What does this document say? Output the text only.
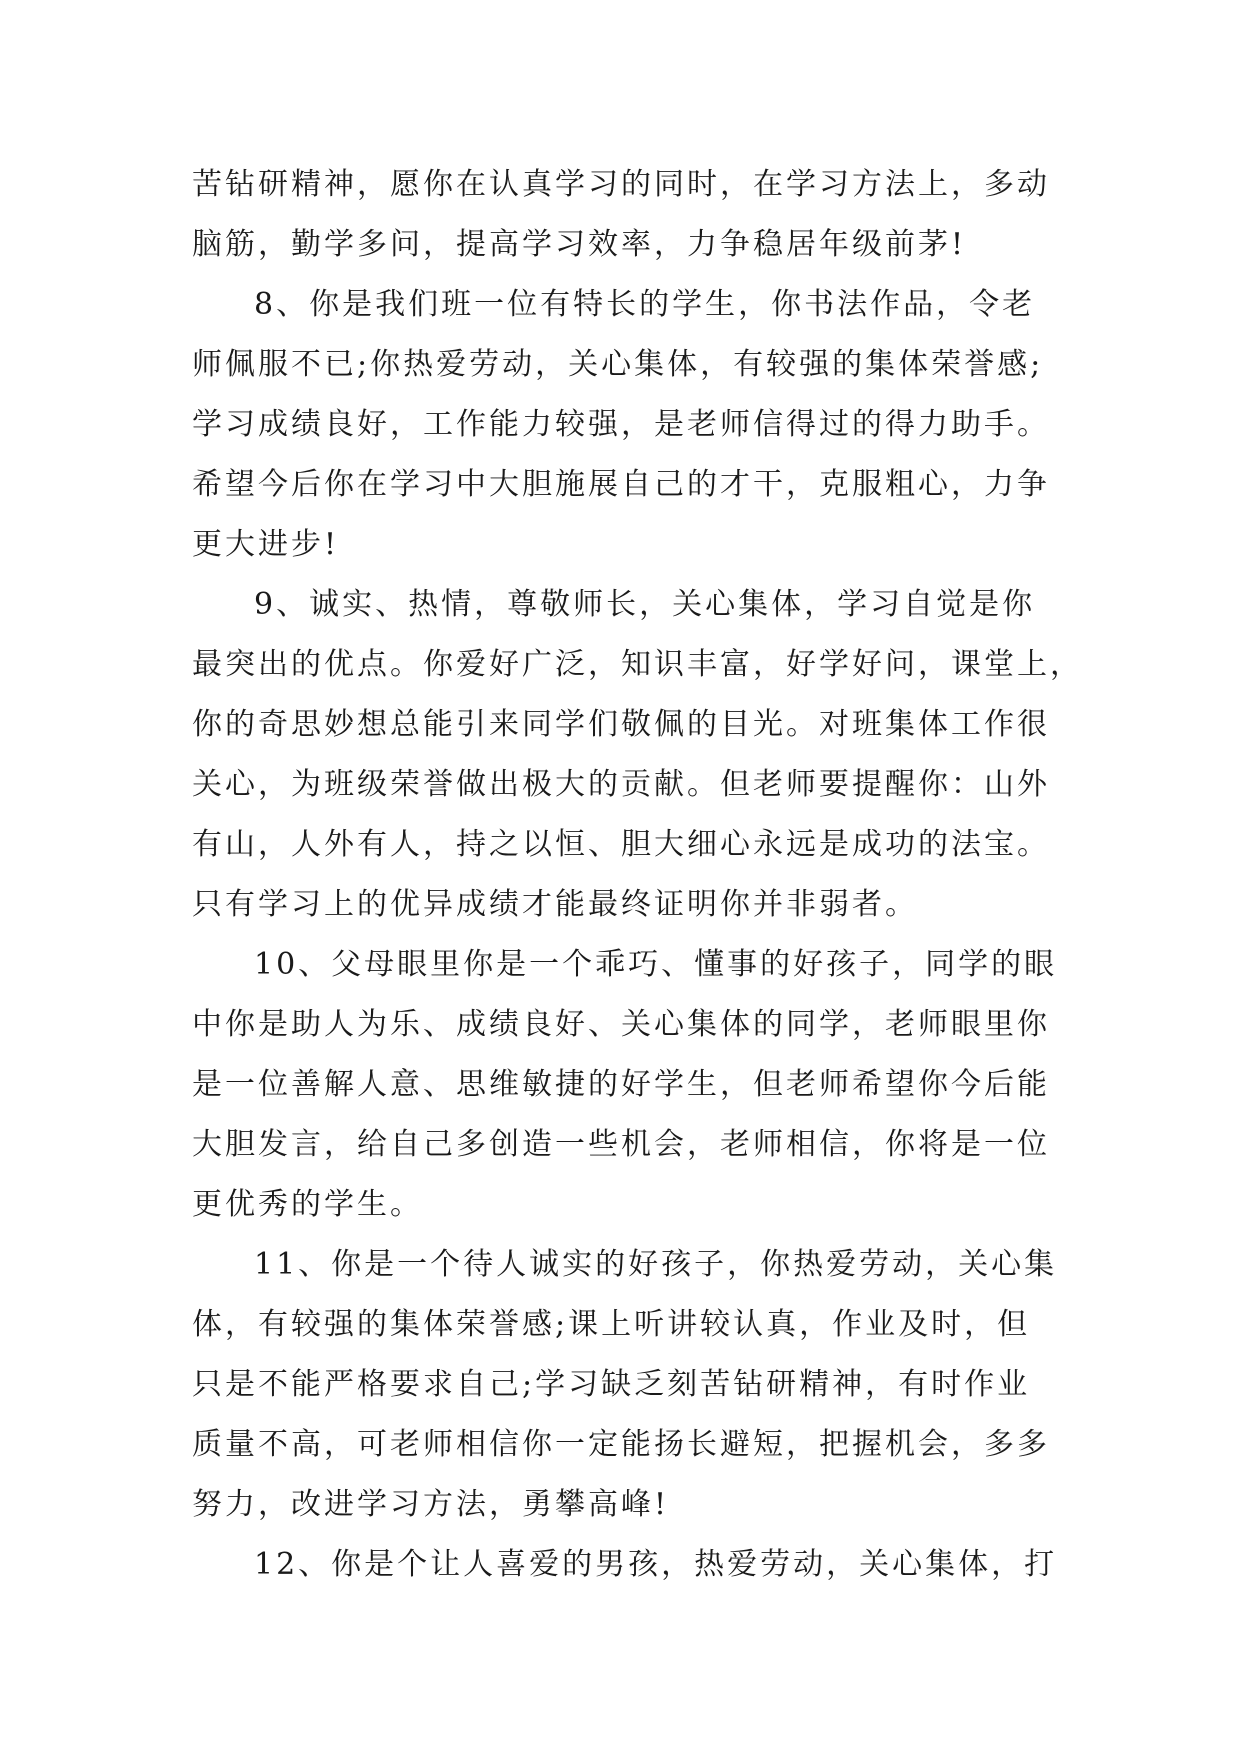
苦钻研精神，愿你在认真学习的同时，在学习方法上，多动
脑筋，勤学多问，提高学习效率，力争稳居年级前茅!
8、你是我们班一位有特长的学生，你书法作品，令老
师佩服不已;你热爱劳动，关心集体，有较强的集体荣誉感;
学习成绩良好，工作能力较强，是老师信得过的得力助手。
希望今后你在学习中大胆施展自己的才干，克服粗心，力争
更大进步!
9、诚实、热情，尊敬师长，关心集体，学习自觉是你
最突出的优点。你爱好广泛，知识丰富，好学好问，课堂上，
你的奇思妙想总能引来同学们敬佩的目光。对班集体工作很
关心，为班级荣誉做出极大的贡献。但老师要提醒你：山外
有山，人外有人，持之以恒、胆大细心永远是成功的法宝。
只有学习上的优异成绩才能最终证明你并非弱者。
10、父母眼里你是一个乖巧、懂事的好孩子，同学的眼
中你是助人为乐、成绩良好、关心集体的同学，老师眼里你
是一位善解人意、思维敏捷的好学生，但老师希望你今后能
大胆发言，给自己多创造一些机会，老师相信，你将是一位
更优秀的学生。
11、你是一个待人诚实的好孩子，你热爱劳动，关心集
体，有较强的集体荣誉感;课上听讲较认真，作业及时，但
只是不能严格要求自己;学习缺乏刻苦钻研精神，有时作业
质量不高，可老师相信你一定能扬长避短，把握机会，多多
努力，改进学习方法，勇攀高峰!
12、你是个让人喜爱的男孩，热爱劳动，关心集体，打
